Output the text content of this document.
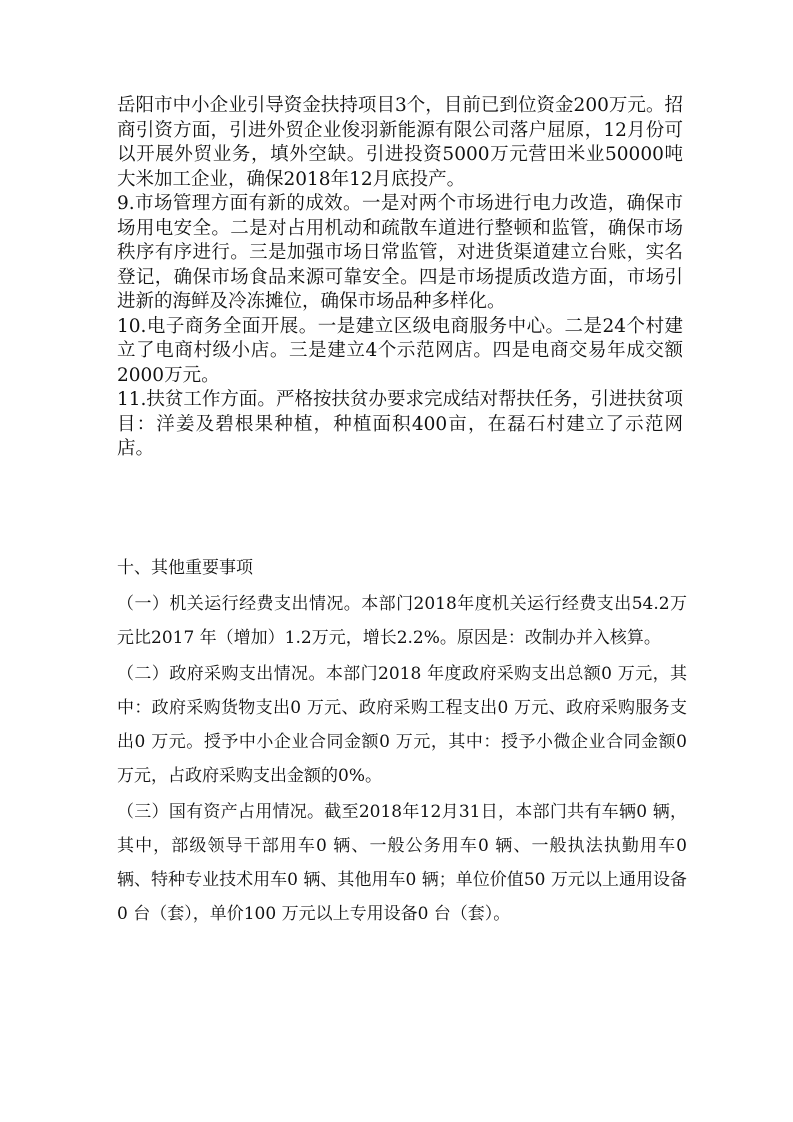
岳阳市中小企业引导资金扶持项目3个，目前已到位资金200万元。招商引资方面，引进外贸企业俊羽新能源有限公司落户屈原，12月份可以开展外贸业务，填外空缺。引进投资5000万元营田米业50000吨大米加工企业，确保2018年12月底投产。

9.市场管理方面有新的成效。一是对两个市场进行电力改造，确保市场用电安全。二是对占用机动和疏散车道进行整顿和监管，确保市场秩序有序进行。三是加强市场日常监管，对进货渠道建立台账，实名登记，确保市场食品来源可靠安全。四是市场提质改造方面，市场引进新的海鲜及冷冻摊位，确保市场品种多样化。

10.电子商务全面开展。一是建立区级电商服务中心。二是24个村建立了电商村级小店。三是建立4个示范网店。四是电商交易年成交额2000万元。

11.扶贫工作方面。严格按扶贫办要求完成结对帮扶任务，引进扶贫项目：洋姜及碧根果种植，种植面积400亩，在磊石村建立了示范网店。

十、其他重要事项

（一）机关运行经费支出情况。本部门2018年度机关运行经费支出54.2万元比2017 年（增加）1.2万元，增长2.2%。原因是：改制办并入核算。

（二）政府采购支出情况。本部门2018 年度政府采购支出总额0 万元，其中：政府采购货物支出0 万元、政府采购工程支出0 万元、政府采购服务支出0 万元。授予中小企业合同金额0 万元，其中：授予小微企业合同金额0 万元，占政府采购支出金额的0%。

（三）国有资产占用情况。截至2018年12月31日，本部门共有车辆0 辆，其中，部级领导干部用车0 辆、一般公务用车0 辆、一般执法执勤用车0 辆、特种专业技术用车0 辆、其他用车0 辆；单位价值50 万元以上通用设备0 台（套），单价100 万元以上专用设备0 台（套）。
